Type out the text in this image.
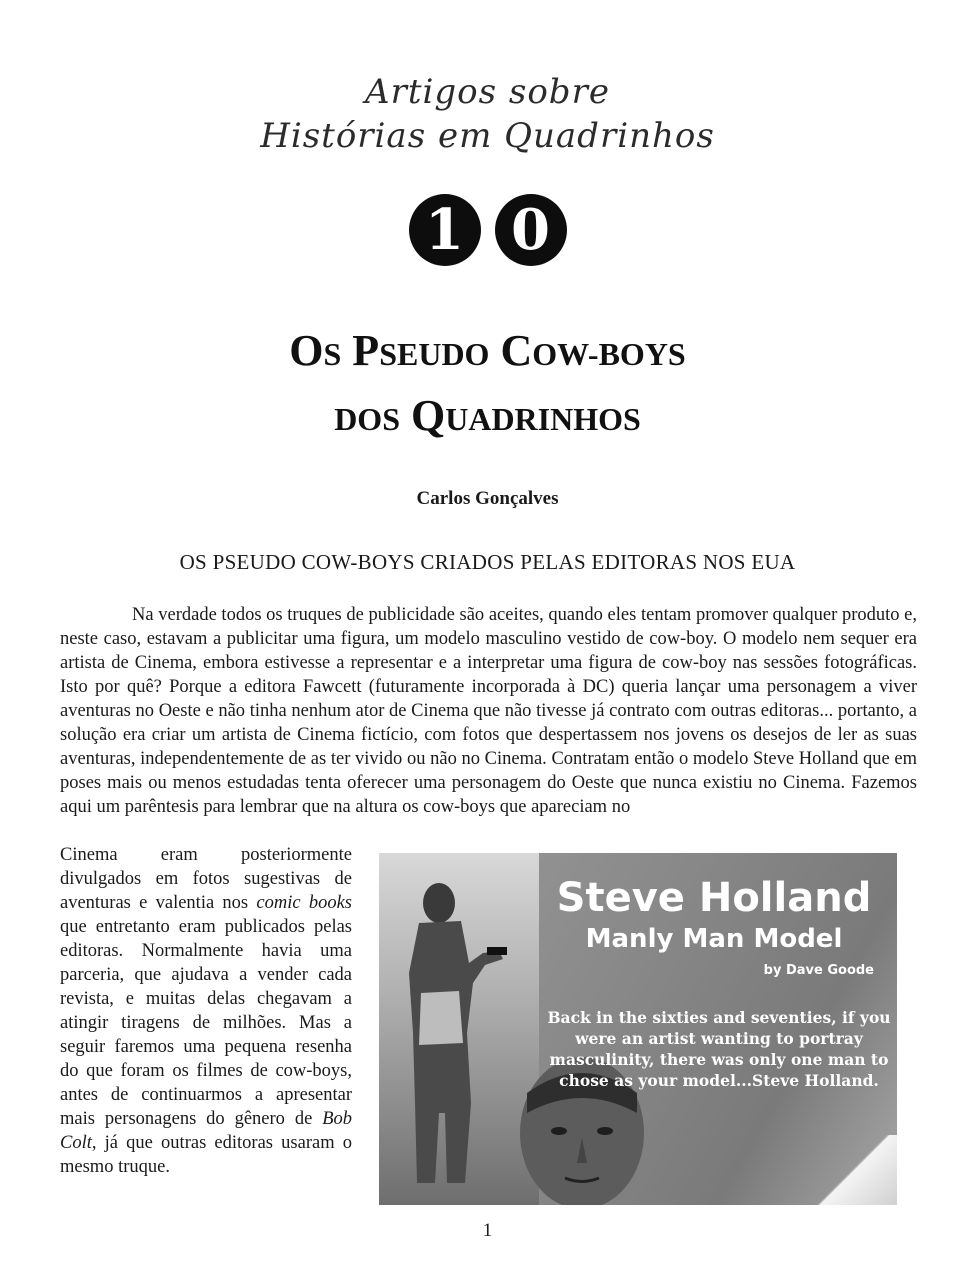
Artigos sobre
Histórias em Quadrinhos
1 0
OS PSEUDO COW-BOYS
DOS QUADRINHOS
Carlos Gonçalves
OS PSEUDO COW-BOYS CRIADOS PELAS EDITORAS NOS EUA

Na verdade todos os truques de publicidade são aceites, quando eles tentam promover qualquer produto e, neste caso, estavam a publicitar uma figura, um modelo masculino vestido de cow-boy. O modelo nem sequer era artista de Cinema, embora estivesse a representar e a interpretar uma figura de cow-boy nas sessões fotográficas. Isto por quê? Porque a editora Fawcett (futuramente incorporada à DC) queria lançar uma personagem a viver aventuras no Oeste e não tinha nenhum ator de Cinema que não tivesse já contrato com outras editoras... portanto, a solução era criar um artista de Cinema fictício, com fotos que despertassem nos jovens os desejos de ler as suas aventuras, independentemente de as ter vivido ou não no Cinema. Contratam então o modelo Steve Holland que em poses mais ou menos estudadas tenta oferecer uma personagem do Oeste que nunca existiu no Cinema. Fazemos aqui um parêntesis para lembrar que na altura os cow-boys que apareciam no

Cinema eram posteriormente divulgados em fotos sugestivas de aventuras e valentia nos comic books que entretanto eram publicados pelas editoras. Normalmente havia uma parceria, que ajudava a vender cada revista, e muitas delas chegavam a atingir tiragens de milhões. Mas a seguir faremos uma pequena resenha do que foram os filmes de cow-boys, antes de continuarmos a apresentar mais personagens do gênero de Bob Colt, já que outras editoras usaram o mesmo truque.

Steve Holland
Manly Man Model
by Dave Goode
Back in the sixties and seventies, if you were an artist wanting to portray masculinity, there was only one man to chose as your model...Steve Holland.
1
